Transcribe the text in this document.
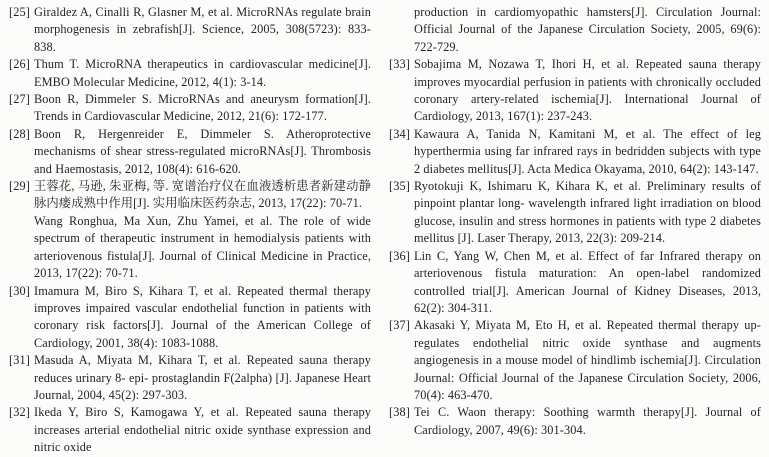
[25] Giraldez A, Cinalli R, Glasner M, et al. MicroRNAs regulate brain morphogenesis in zebrafish[J]. Science, 2005, 308(5723): 833-838.
[26] Thum T. MicroRNA therapeutics in cardiovascular medicine[J]. EMBO Molecular Medicine, 2012, 4(1): 3-14.
[27] Boon R, Dimmeler S. MicroRNAs and aneurysm formation[J]. Trends in Cardiovascular Medicine, 2012, 21(6): 172-177.
[28] Boon R, Hergenreider E, Dimmeler S. Atheroprotective mechanisms of shear stress-regulated microRNAs[J]. Thrombosis and Haemostasis, 2012, 108(4): 616-620.
[29] 王蓉花, 马逊, 朱亚梅, 等. 宽谱治疗仪在血液透析患者新建动静脉内瘘成熟中作用[J]. 实用临床医药杂志, 2013, 17(22): 70-71.
Wang Ronghua, Ma Xun, Zhu Yamei, et al. The role of wide spectrum of therapeutic instrument in hemodialysis patients with arteriovenous fistula[J]. Journal of Clinical Medicine in Practice, 2013, 17(22): 70-71.
[30] Imamura M, Biro S, Kihara T, et al. Repeated thermal therapy improves impaired vascular endothelial function in patients with coronary risk factors[J]. Journal of the American College of Cardiology, 2001, 38(4): 1083-1088.
[31] Masuda A, Miyata M, Kihara T, et al. Repeated sauna therapy reduces urinary 8- epi- prostaglandin F(2alpha) [J]. Japanese Heart Journal, 2004, 45(2): 297-303.
[32] Ikeda Y, Biro S, Kamogawa Y, et al. Repeated sauna therapy increases arterial endothelial nitric oxide synthase expression and nitric oxide
production in cardiomyopathic hamsters[J]. Circulation Journal: Official Journal of the Japanese Circulation Society, 2005, 69(6): 722-729.
[33] Sobajima M, Nozawa T, Ihori H, et al. Repeated sauna therapy improves myocardial perfusion in patients with chronically occluded coronary artery-related ischemia[J]. International Journal of Cardiology, 2013, 167(1): 237-243.
[34] Kawaura A, Tanida N, Kamitani M, et al. The effect of leg hyperthermia using far infrared rays in bedridden subjects with type 2 diabetes mellitus[J]. Acta Medica Okayama, 2010, 64(2): 143-147.
[35] Ryotokuji K, Ishimaru K, Kihara K, et al. Preliminary results of pinpoint plantar long- wavelength infrared light irradiation on blood glucose, insulin and stress hormones in patients with type 2 diabetes mellitus [J]. Laser Therapy, 2013, 22(3): 209-214.
[36] Lin C, Yang W, Chen M, et al. Effect of far Infrared therapy on arteriovenous fistula maturation: An open-label randomized controlled trial[J]. American Journal of Kidney Diseases, 2013, 62(2): 304-311.
[37] Akasaki Y, Miyata M, Eto H, et al. Repeated thermal therapy up-regulates endothelial nitric oxide synthase and augments angiogenesis in a mouse model of hindlimb ischemia[J]. Circulation Journal: Official Journal of the Japanese Circulation Society, 2006, 70(4): 463-470.
[38] Tei C. Waon therapy: Soothing warmth therapy[J]. Journal of Cardiology, 2007, 49(6): 301-304.
